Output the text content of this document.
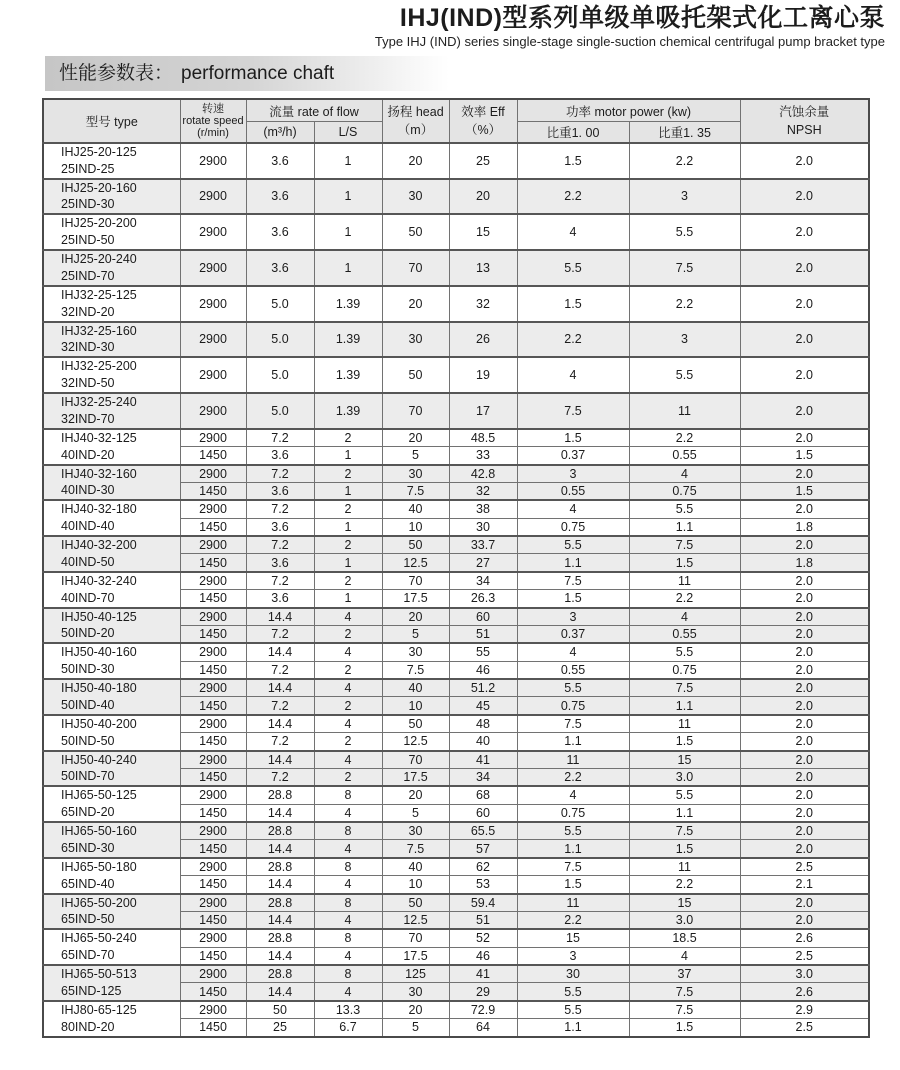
IHJ(IND)型系列单级单吸托架式化工离心泵
Type IHJ (IND) series single-stage single-suction chemical centrifugal pump bracket type
性能参数表： performance chaft
型号 type	
转速
rotate speed
(r/min)
	流量 rate of flow	扬程 head
（m）

效率 Eff
（%）
	功率 motor power (kw)	汽蚀余量
NPSH

		(m³/h)	L/S			比重1. 00	比重1. 35	

IHJ25-20-125
25IND-25	2900	3.6	1	20	25	1.5	2.2	2.0

IHJ25-20-160
25IND-30	2900	3.6	1	30	20	2.2	3	2.0

IHJ25-20-200
25IND-50	2900	3.6	1	50	15	4	5.5	2.0

IHJ25-20-240
25IND-70	2900	3.6	1	70	13	5.5	7.5	2.0

IHJ32-25-125
32IND-20	2900	5.0	1.39	20	32	1.5	2.2	2.0

IHJ32-25-160
32IND-30	2900	5.0	1.39	30	26	2.2	3	2.0

IHJ32-25-200
32IND-50	2900	5.0	1.39	50	19	4	5.5	2.0

IHJ32-25-240
32IND-70	2900	5.0	1.39	70	17	7.5	11	2.0

IHJ40-32-125
40IND-20	2900	7.2	2	20	48.5	1.5	2.2	2.0
	1450	3.6	1	5	33	0.37	0.55	1.5

IHJ40-32-160
40IND-30	2900	7.2	2	30	42.8	3	4	2.0
	1450	3.6	1	7.5	32	0.55	0.75	1.5

IHJ40-32-180
40IND-40	2900	7.2	2	40	38	4	5.5	2.0
	1450	3.6	1	10	30	0.75	1.1	1.8

IHJ40-32-200
40IND-50	2900	7.2	2	50	33.7	5.5	7.5	2.0
	1450	3.6	1	12.5	27	1.1	1.5	1.8

IHJ40-32-240
40IND-70	2900	7.2	2	70	34	7.5	11	2.0
	1450	3.6	1	17.5	26.3	1.5	2.2	2.0

IHJ50-40-125
50IND-20	2900	14.4	4	20	60	3	4	2.0
	1450	7.2	2	5	51	0.37	0.55	2.0

IHJ50-40-160
50IND-30	2900	14.4	4	30	55	4	5.5	2.0
	1450	7.2	2	7.5	46	0.55	0.75	2.0

IHJ50-40-180
50IND-40	2900	14.4	4	40	51.2	5.5	7.5	2.0
	1450	7.2	2	10	45	0.75	1.1	2.0

IHJ50-40-200
50IND-50	2900	14.4	4	50	48	7.5	11	2.0
	1450	7.2	2	12.5	40	1.1	1.5	2.0

IHJ50-40-240
50IND-70	2900	14.4	4	70	41	11	15	2.0
	1450	7.2	2	17.5	34	2.2	3.0	2.0

IHJ65-50-125
65IND-20	2900	28.8	8	20	68	4	5.5	2.0
	1450	14.4	4	5	60	0.75	1.1	2.0

IHJ65-50-160
65IND-30	2900	28.8	8	30	65.5	5.5	7.5	2.0
	1450	14.4	4	7.5	57	1.1	1.5	2.0

IHJ65-50-180
65IND-40	2900	28.8	8	40	62	7.5	11	2.5
	1450	14.4	4	10	53	1.5	2.2	2.1

IHJ65-50-200
65IND-50	2900	28.8	8	50	59.4	11	15	2.0
	1450	14.4	4	12.5	51	2.2	3.0	2.0

IHJ65-50-240
65IND-70	2900	28.8	8	70	52	15	18.5	2.6
	1450	14.4	4	17.5	46	3	4	2.5

IHJ65-50-513
65IND-125	2900	28.8	8	125	41	30	37	3.0
	1450	14.4	4	30	29	5.5	7.5	2.6

IHJ80-65-125
80IND-20	2900	50	13.3	20	72.9	5.5	7.5	2.9
	1450	25	6.7	5	64	1.1	1.5	2.5
